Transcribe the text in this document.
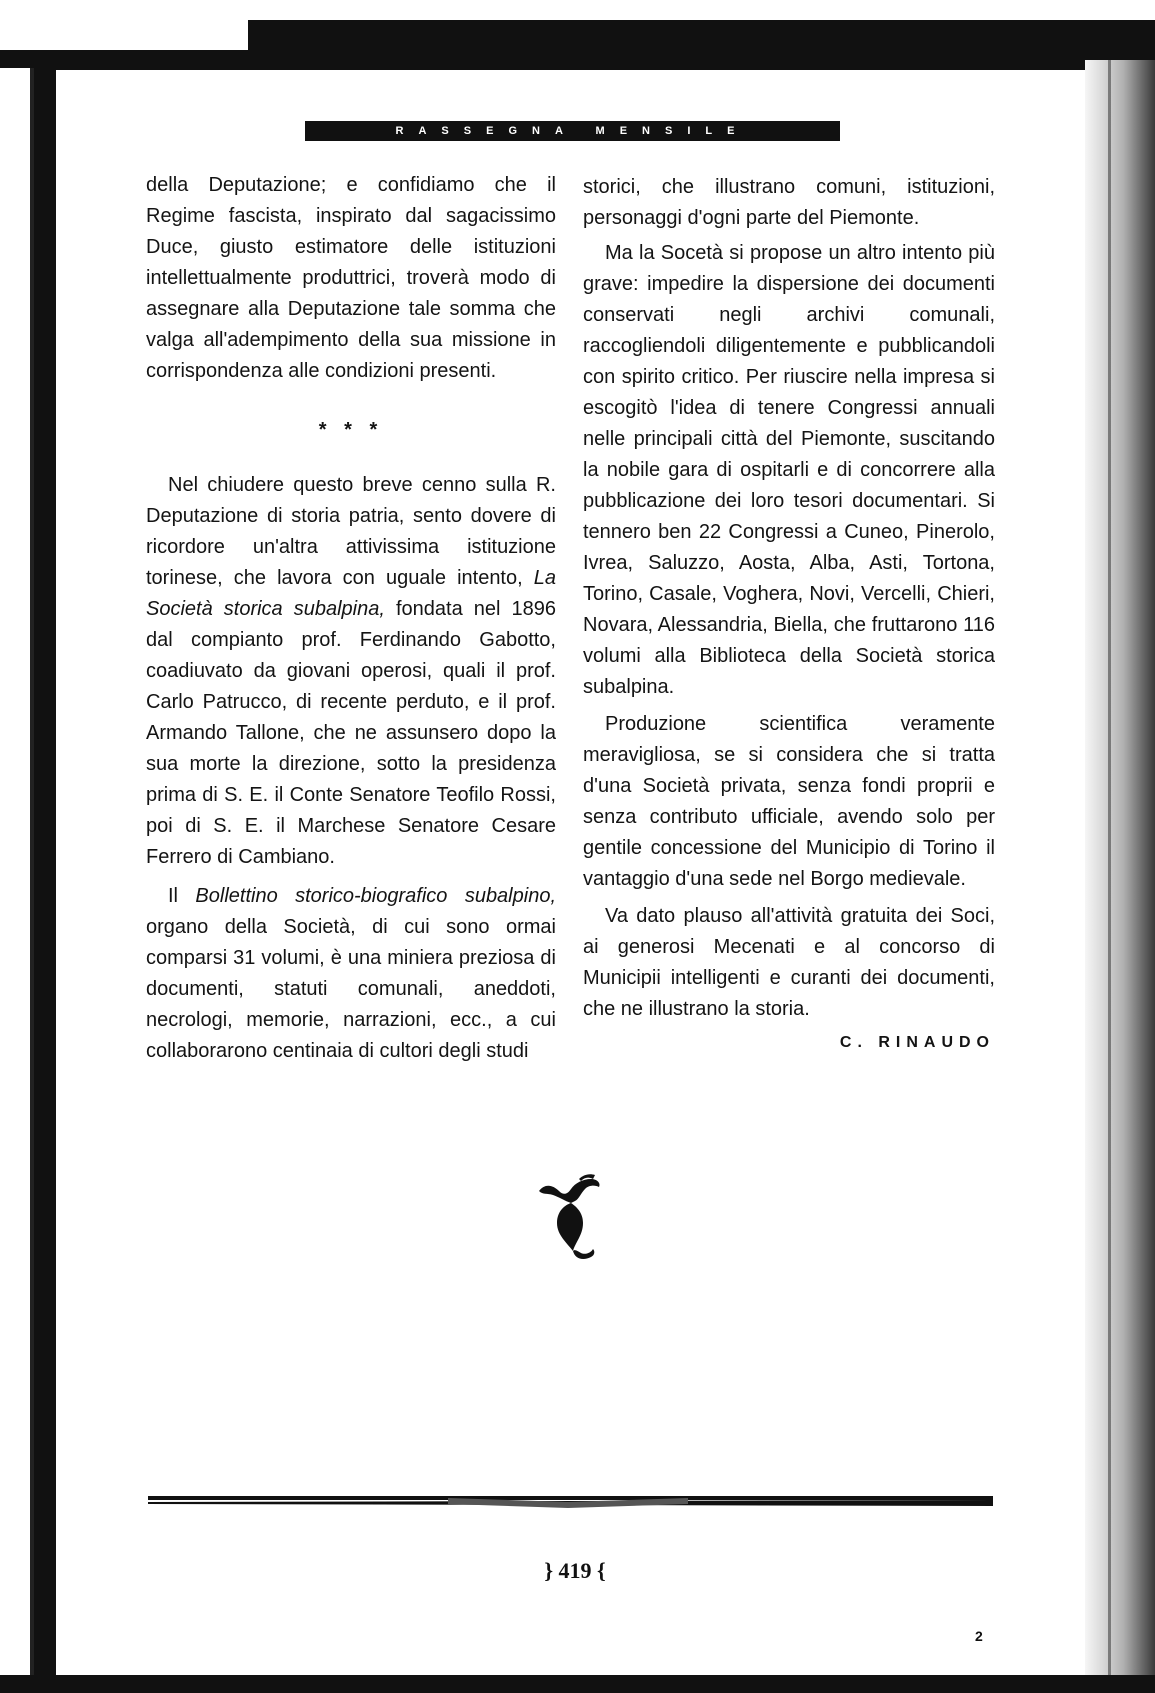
RASSEGNA MENSILE

della Deputazione; e confidiamo che il Regime fascista, inspirato dal sagacissimo Duce, giusto estimatore delle istituzioni intellettualmente produttrici, troverà modo di assegnare alla Deputazione tale somma che valga all'adempimento della sua missione in corrispondenza alle condizioni presenti.

* * *

Nel chiudere questo breve cenno sulla R. Deputazione di storia patria, sento dovere di ricordore un'altra attivissima istituzione torinese, che lavora con uguale intento, La Società storica subalpina, fondata nel 1896 dal compianto prof. Ferdinando Gabotto, coadiuvato da giovani operosi, quali il prof. Carlo Patrucco, di recente perduto, e il prof. Armando Tallone, che ne assunsero dopo la sua morte la direzione, sotto la presidenza prima di S. E. il Conte Senatore Teofilo Rossi, poi di S. E. il Marchese Senatore Cesare Ferrero di Cambiano.

Il Bollettino storico-biografico subalpino, organo della Società, di cui sono ormai comparsi 31 volumi, è una miniera preziosa di documenti, statuti comunali, aneddoti, necrologi, memorie, narrazioni, ecc., a cui collaborarono centinaia di cultori degli studi

storici, che illustrano comuni, istituzioni, personaggi d'ogni parte del Piemonte.

Ma la Socetà si propose un altro intento più grave: impedire la dispersione dei documenti conservati negli archivi comunali, raccogliendoli diligentemente e pubblicandoli con spirito critico. Per riuscire nella impresa si escogitò l'idea di tenere Congressi annuali nelle principali città del Piemonte, suscitando la nobile gara di ospitarli e di concorrere alla pubblicazione dei loro tesori documentari. Si tennero ben 22 Congressi a Cuneo, Pinerolo, Ivrea, Saluzzo, Aosta, Alba, Asti, Tortona, Torino, Casale, Voghera, Novi, Vercelli, Chieri, Novara, Alessandria, Biella, che fruttarono 116 volumi alla Biblioteca della Società storica subalpina.

Produzione scientifica veramente meravigliosa, se si considera che si tratta d'una Società privata, senza fondi proprii e senza contributo ufficiale, avendo solo per gentile concessione del Municipio di Torino il vantaggio d'una sede nel Borgo medievale.

Va dato plauso all'attività gratuita dei Soci, ai generosi Mecenati e al concorso di Municipii intelligenti e curanti dei documenti, che ne illustrano la storia.

C. RINAUDO

} 419 {
2
